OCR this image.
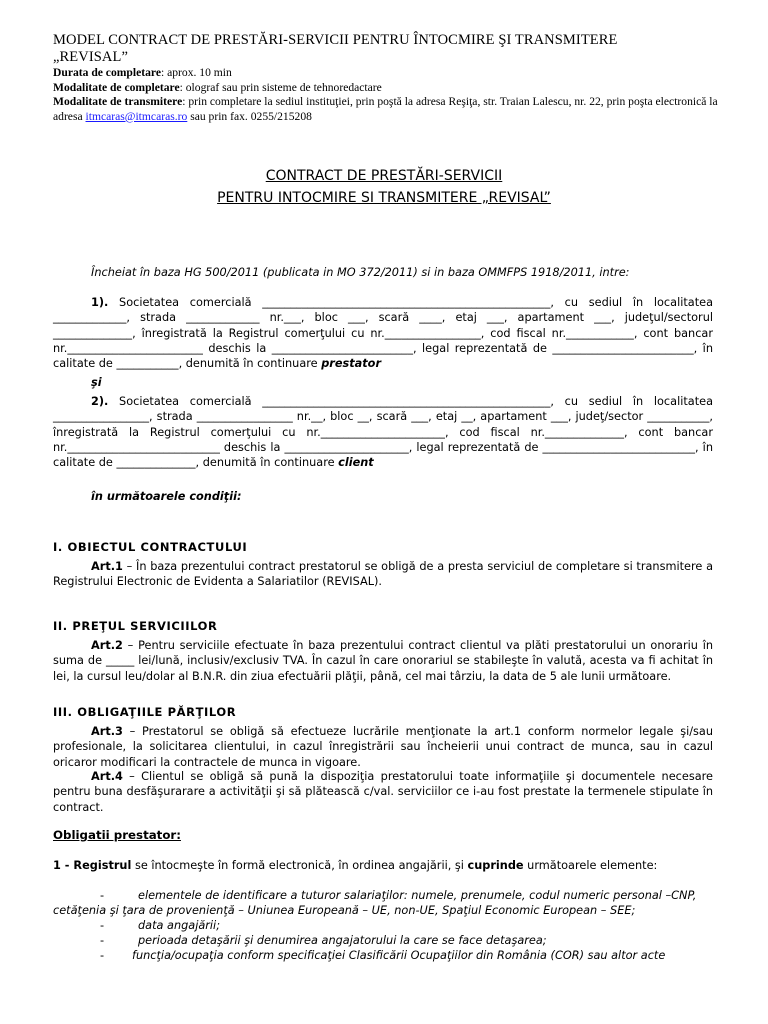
MODEL CONTRACT DE PRESTĂRI-SERVICII PENTRU ÎNTOCMIRE ŞI TRANSMITERE
„REVISAL”
Durata de completare: aprox. 10 min
Modalitate de completare: olograf sau prin sisteme de tehnoredactare
Modalitate de transmitere: prin completare la sediul instituţiei, prin poştă la adresa Reşiţa, str. Traian Lalescu, nr. 22, prin poşta electronică la adresa itmcaras@itmcaras.ro sau prin fax. 0255/215208
CONTRACT DE PRESTĂRI-SERVICII
PENTRU INTOCMIRE SI TRANSMITERE „REVISAL”
Încheiat în baza HG 500/2011 (publicata in MO 372/2011) si in baza OMMFPS 1918/2011, intre:
1). Societatea comercială ___________________________________________________, cu sediul în localitatea _____________, strada _____________ nr.___, bloc ___, scară ____, etaj ___, apartament ___, judeţul/sectorul ______________, înregistrată la Registrul comerţului cu nr._________________, cod fiscal nr.____________, cont bancar nr.________________________ deschis la _________________________, legal reprezentată de _________________________, în calitate de ___________, denumită în continuare prestator
şi
2). Societatea comercială ___________________________________________________, cu sediul în localitatea _________________, strada _________________ nr.__, bloc __, scară ___, etaj __, apartament ___, judeţ/sector ___________, înregistrată la Registrul comerţului cu nr.______________________, cod fiscal nr.______________, cont bancar nr.___________________________ deschis la ______________________, legal reprezentată de ___________________________, în calitate de ______________, denumită în continuare client
în următoarele condiţii:
I. OBIECTUL CONTRACTULUI
Art.1 – În baza prezentului contract prestatorul se obligă de a presta serviciul de completare si transmitere a Registrului Electronic de Evidenta a Salariatilor (REVISAL).
II. PREŢUL SERVICIILOR
Art.2 – Pentru serviciile efectuate în baza prezentului contract clientul va plăti prestatorului un onorariu în suma de _____ lei/lună, inclusiv/exclusiv TVA. În cazul în care onorariul se stabileşte în valută, acesta va fi achitat în lei, la cursul leu/dolar al B.N.R. din ziua efectuării plăţii, până, cel mai târziu, la data de 5 ale lunii următoare.
III. OBLIGAŢIILE PĂRŢILOR
Art.3 – Prestatorul se obligă să efectueze lucrările menţionate la art.1 conform normelor legale şi/sau profesionale, la solicitarea clientului, in cazul înregistrării sau încheierii unui contract de munca, sau in cazul oricaror modificari la contractele de munca in vigoare.
Art.4 – Clientul se obligă să pună la dispoziţia prestatorului toate informaţiile şi documentele necesare pentru buna desfăşurarare a activităţii şi să plătească c/val. serviciilor ce i-au fost prestate la termenele stipulate în contract.
Obligatii prestator:
1 - Registrul se întocmeşte în formă electronică, în ordinea angajării, şi cuprinde următoarele elemente:
-	elementele de identificare a tuturor salariaţilor: numele, prenumele, codul numeric personal –CNP,
cetăţenia şi ţara de provenienţă – Uniunea Europeană – UE, non-UE, Spaţiul Economic European – SEE;
-	data angajării;
-	perioada detaşării şi denumirea angajatorului la care se face detaşarea;
-	funcţia/ocupaţia conform specificaţiei Clasificării Ocupaţiilor din România (COR) sau altor acte
